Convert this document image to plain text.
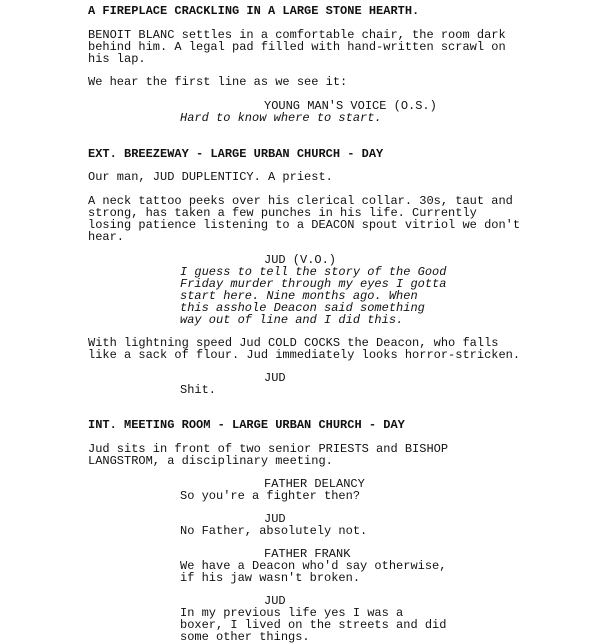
A FIREPLACE CRACKLING IN A LARGE STONE HEARTH.

BENOIT BLANC settles in a comfortable chair, the room dark

behind him. A legal pad filled with hand-written scrawl on

his lap.

We hear the first line as we see it:

YOUNG MAN'S VOICE (O.S.)

Hard to know where to start.

EXT. BREEZEWAY - LARGE URBAN CHURCH - DAY

Our man, JUD DUPLENTICY. A priest.

A neck tattoo peeks over his clerical collar. 30s, taut and

strong, has taken a few punches in his life. Currently

losing patience listening to a DEACON spout vitriol we don't

hear.

JUD (V.O.)

I guess to tell the story of the Good

Friday murder through my eyes I gotta

start here. Nine months ago. When

this asshole Deacon said something

way out of line and I did this.

With lightning speed Jud COLD COCKS the Deacon, who falls

like a sack of flour. Jud immediately looks horror-stricken.

JUD

Shit.

INT. MEETING ROOM - LARGE URBAN CHURCH - DAY

Jud sits in front of two senior PRIESTS and BISHOP

LANGSTROM, a disciplinary meeting.

FATHER DELANCY

So you're a fighter then?

JUD

No Father, absolutely not.

FATHER FRANK

We have a Deacon who'd say otherwise,

if his jaw wasn't broken.

JUD

In my previous life yes I was a

boxer, I lived on the streets and did

some other things.
